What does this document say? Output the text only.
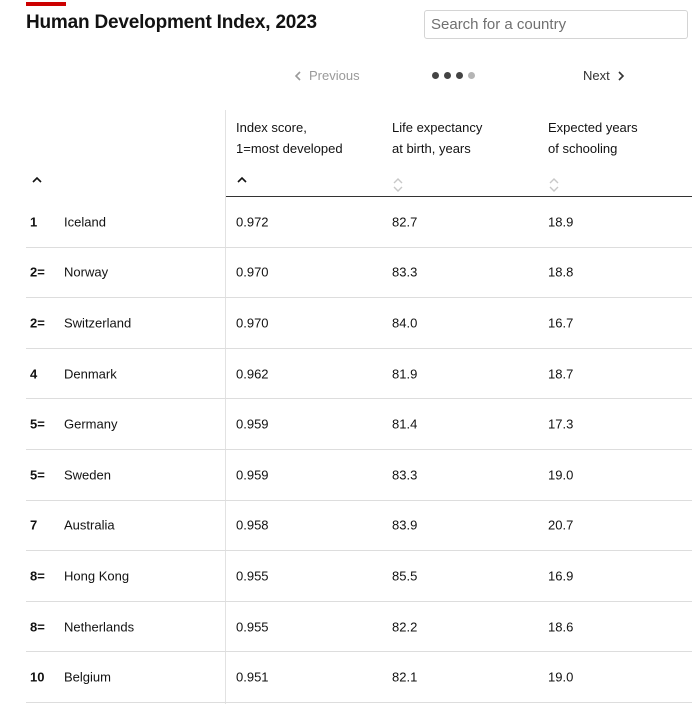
Human Development Index, 2023
Search for a country
Previous	Next
Index score,
1=most developed
Life expectancy
at birth, years
Expected years
of schooling
1 Iceland	0.972	82.7	18.9
2= Norway	0.970	83.3	18.8
2= Switzerland	0.970	84.0	16.7
4 Denmark	0.962	81.9	18.7
5= Germany	0.959	81.4	17.3
5= Sweden	0.959	83.3	19.0
7 Australia	0.958	83.9	20.7
8= Hong Kong	0.955	85.5	16.9
8= Netherlands	0.955	82.2	18.6
10 Belgium	0.951	82.1	19.0
